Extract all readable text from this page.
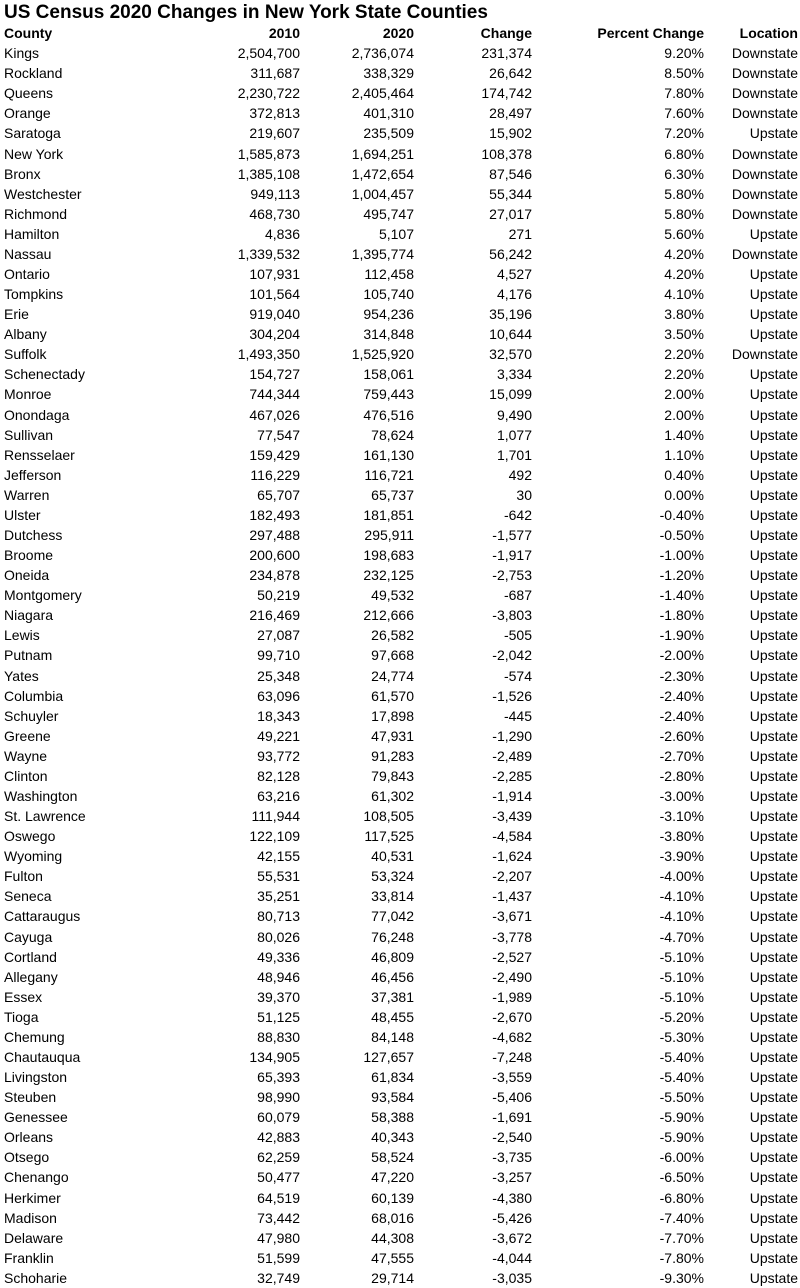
US Census 2020 Changes in New York State Counties
County	2010	2020	Change	Percent Change	Location
Kings	2,504,700	2,736,074	231,374	9.20%	Downstate
Rockland	311,687	338,329	26,642	8.50%	Downstate
Queens	2,230,722	2,405,464	174,742	7.80%	Downstate
Orange	372,813	401,310	28,497	7.60%	Downstate
Saratoga	219,607	235,509	15,902	7.20%	Upstate
New York	1,585,873	1,694,251	108,378	6.80%	Downstate
Bronx	1,385,108	1,472,654	87,546	6.30%	Downstate
Westchester	949,113	1,004,457	55,344	5.80%	Downstate
Richmond	468,730	495,747	27,017	5.80%	Downstate
Hamilton	4,836	5,107	271	5.60%	Upstate
Nassau	1,339,532	1,395,774	56,242	4.20%	Downstate
Ontario	107,931	112,458	4,527	4.20%	Upstate
Tompkins	101,564	105,740	4,176	4.10%	Upstate
Erie	919,040	954,236	35,196	3.80%	Upstate
Albany	304,204	314,848	10,644	3.50%	Upstate
Suffolk	1,493,350	1,525,920	32,570	2.20%	Downstate
Schenectady	154,727	158,061	3,334	2.20%	Upstate
Monroe	744,344	759,443	15,099	2.00%	Upstate
Onondaga	467,026	476,516	9,490	2.00%	Upstate
Sullivan	77,547	78,624	1,077	1.40%	Upstate
Rensselaer	159,429	161,130	1,701	1.10%	Upstate
Jefferson	116,229	116,721	492	0.40%	Upstate
Warren	65,707	65,737	30	0.00%	Upstate
Ulster	182,493	181,851	-642	-0.40%	Upstate
Dutchess	297,488	295,911	-1,577	-0.50%	Upstate
Broome	200,600	198,683	-1,917	-1.00%	Upstate
Oneida	234,878	232,125	-2,753	-1.20%	Upstate
Montgomery	50,219	49,532	-687	-1.40%	Upstate
Niagara	216,469	212,666	-3,803	-1.80%	Upstate
Lewis	27,087	26,582	-505	-1.90%	Upstate
Putnam	99,710	97,668	-2,042	-2.00%	Upstate
Yates	25,348	24,774	-574	-2.30%	Upstate
Columbia	63,096	61,570	-1,526	-2.40%	Upstate
Schuyler	18,343	17,898	-445	-2.40%	Upstate
Greene	49,221	47,931	-1,290	-2.60%	Upstate
Wayne	93,772	91,283	-2,489	-2.70%	Upstate
Clinton	82,128	79,843	-2,285	-2.80%	Upstate
Washington	63,216	61,302	-1,914	-3.00%	Upstate
St. Lawrence	111,944	108,505	-3,439	-3.10%	Upstate
Oswego	122,109	117,525	-4,584	-3.80%	Upstate
Wyoming	42,155	40,531	-1,624	-3.90%	Upstate
Fulton	55,531	53,324	-2,207	-4.00%	Upstate
Seneca	35,251	33,814	-1,437	-4.10%	Upstate
Cattaraugus	80,713	77,042	-3,671	-4.10%	Upstate
Cayuga	80,026	76,248	-3,778	-4.70%	Upstate
Cortland	49,336	46,809	-2,527	-5.10%	Upstate
Allegany	48,946	46,456	-2,490	-5.10%	Upstate
Essex	39,370	37,381	-1,989	-5.10%	Upstate
Tioga	51,125	48,455	-2,670	-5.20%	Upstate
Chemung	88,830	84,148	-4,682	-5.30%	Upstate
Chautauqua	134,905	127,657	-7,248	-5.40%	Upstate
Livingston	65,393	61,834	-3,559	-5.40%	Upstate
Steuben	98,990	93,584	-5,406	-5.50%	Upstate
Genessee	60,079	58,388	-1,691	-5.90%	Upstate
Orleans	42,883	40,343	-2,540	-5.90%	Upstate
Otsego	62,259	58,524	-3,735	-6.00%	Upstate
Chenango	50,477	47,220	-3,257	-6.50%	Upstate
Herkimer	64,519	60,139	-4,380	-6.80%	Upstate
Madison	73,442	68,016	-5,426	-7.40%	Upstate
Delaware	47,980	44,308	-3,672	-7.70%	Upstate
Franklin	51,599	47,555	-4,044	-7.80%	Upstate
Schoharie	32,749	29,714	-3,035	-9.30%	Upstate
